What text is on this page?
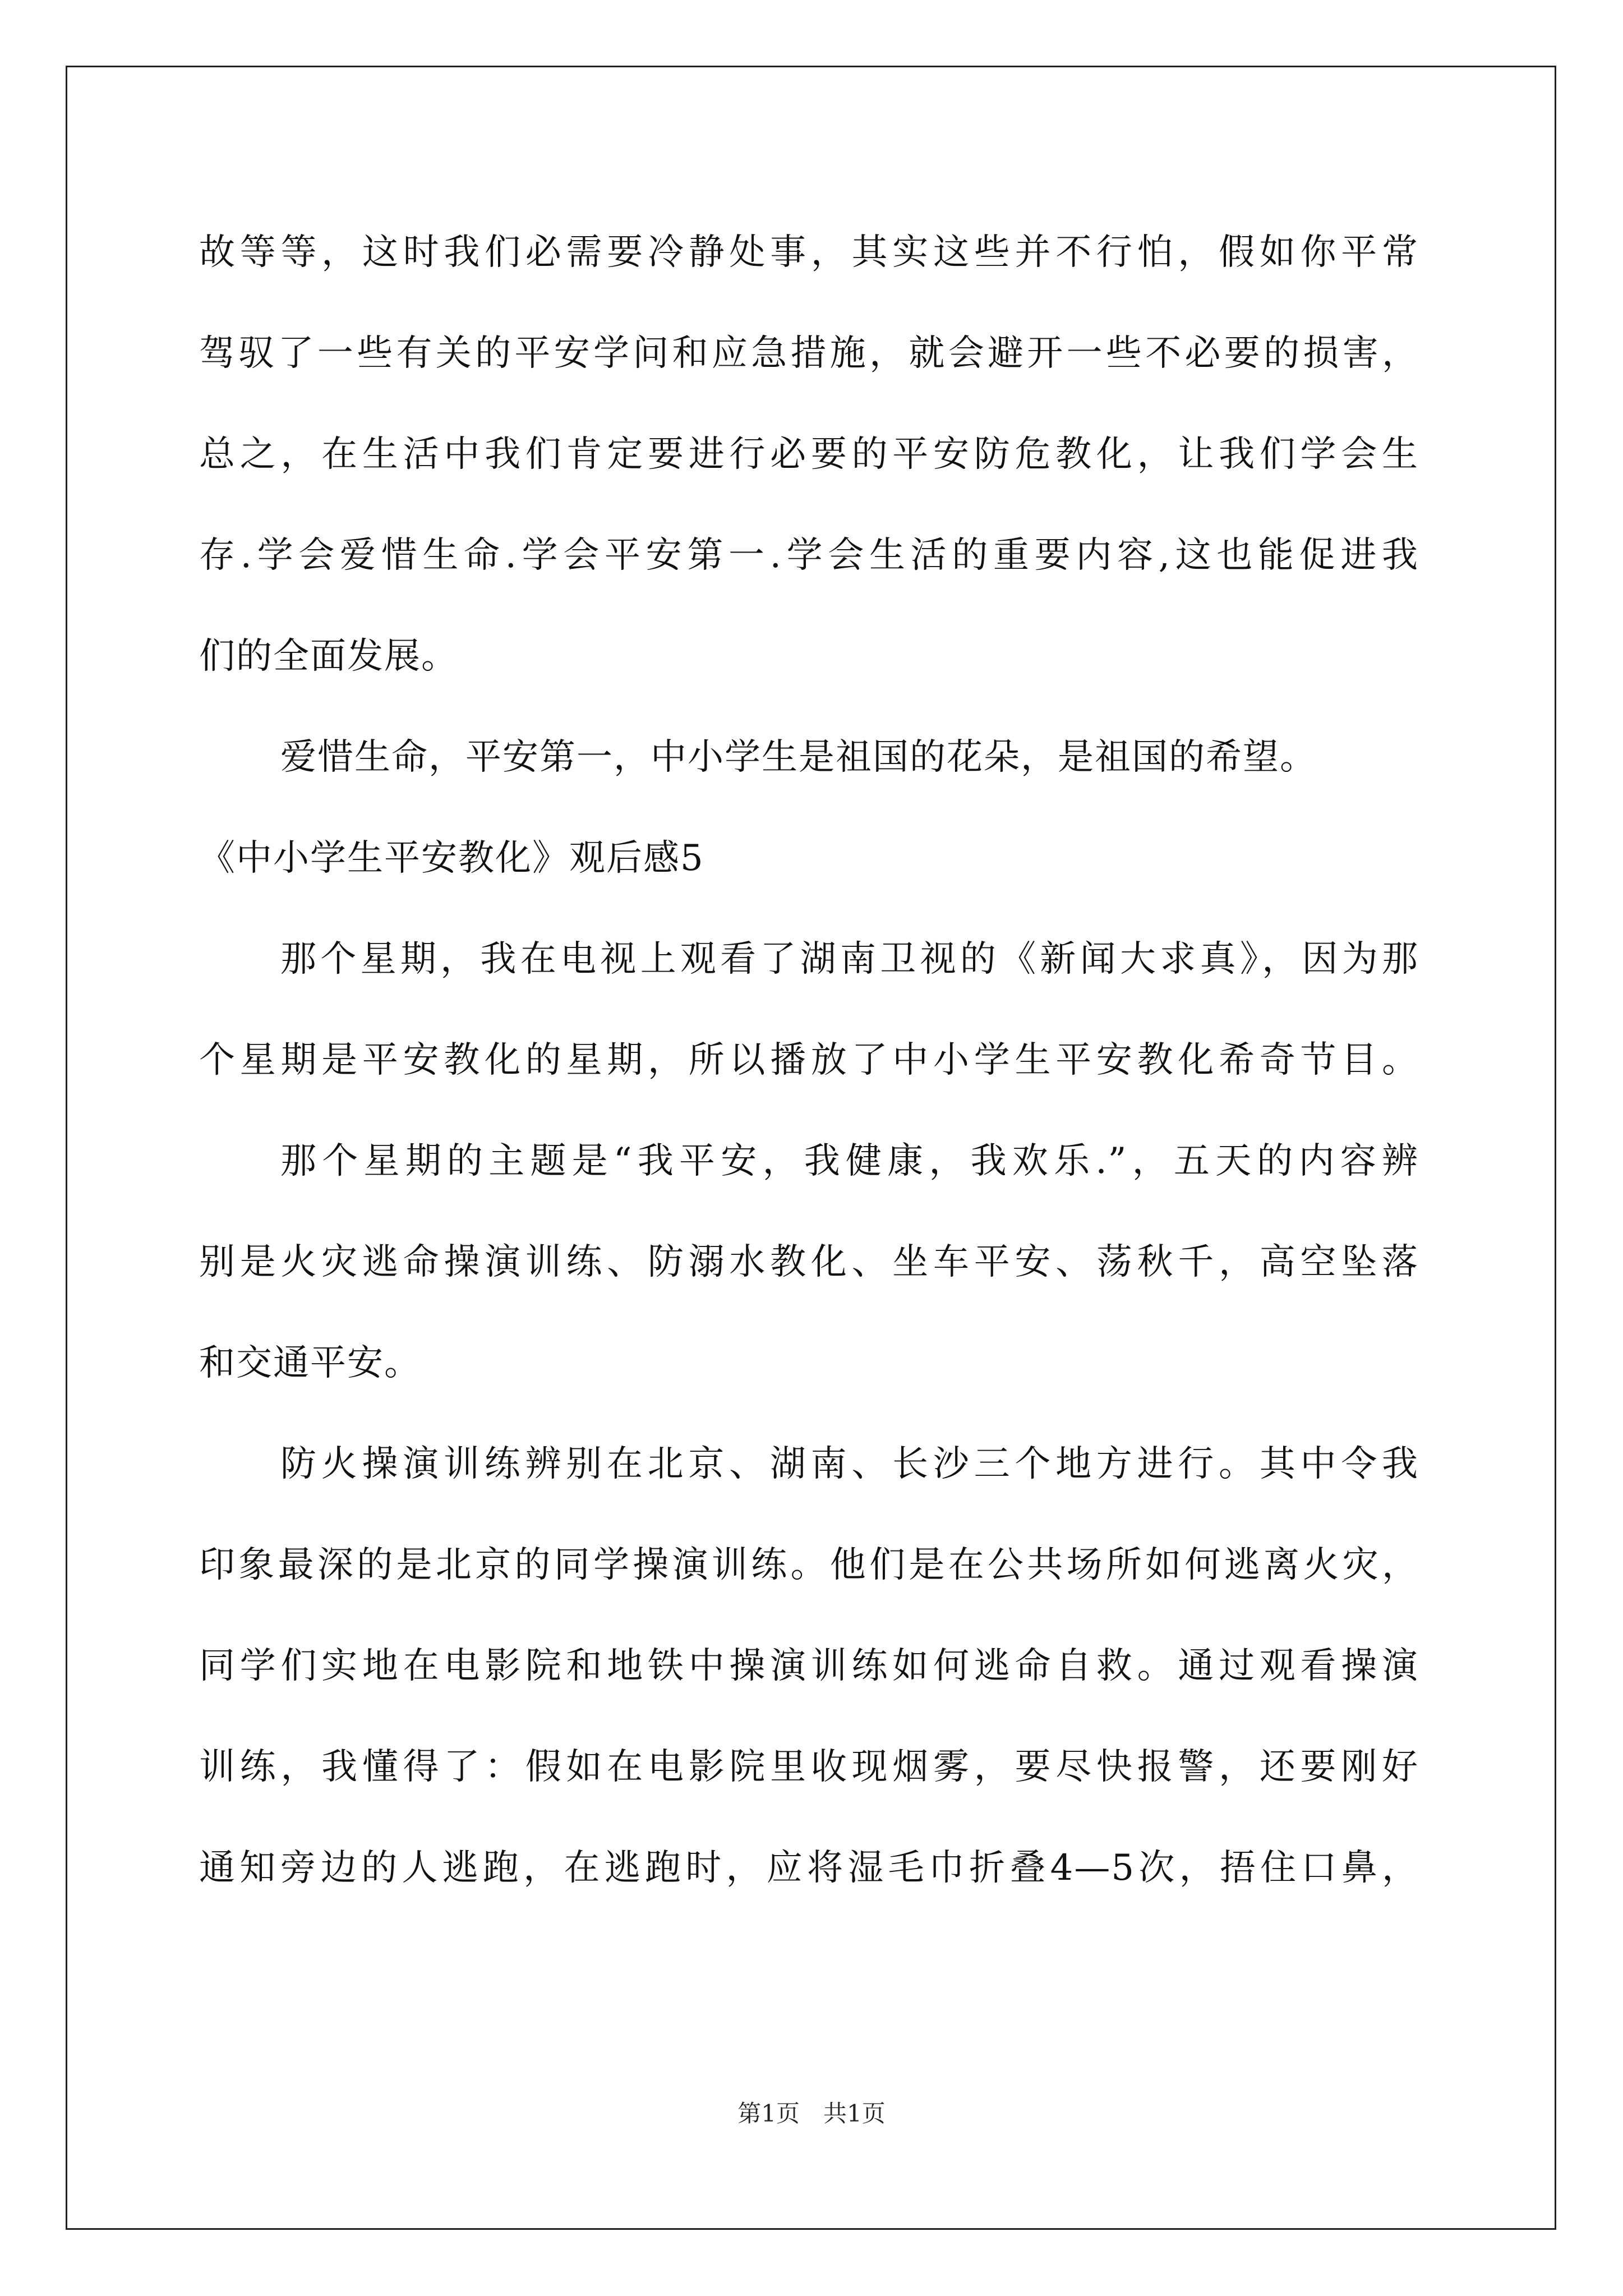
故等等，这时我们必需要冷静处事，其实这些并不行怕，假如你平常
驾驭了一些有关的平安学问和应急措施，就会避开一些不必要的损害，
总之，在生活中我们肯定要进行必要的平安防危教化，让我们学会生
存.学会爱惜生命.学会平安第一.学会生活的重要内容,这也能促进我
们的全面发展。
爱惜生命，平安第一，中小学生是祖国的花朵，是祖国的希望。
《中小学生平安教化》观后感5
那个星期，我在电视上观看了湖南卫视的《新闻大求真》，因为那
个星期是平安教化的星期，所以播放了中小学生平安教化希奇节目。
那个星期的主题是“我平安，我健康，我欢乐.”，五天的内容辨
别是火灾逃命操演训练、防溺水教化、坐车平安、荡秋千，高空坠落
和交通平安。
防火操演训练辨别在北京、湖南、长沙三个地方进行。其中令我
印象最深的是北京的同学操演训练。他们是在公共场所如何逃离火灾，
同学们实地在电影院和地铁中操演训练如何逃命自救。通过观看操演
训练，我懂得了：假如在电影院里收现烟雾，要尽快报警，还要刚好
通知旁边的人逃跑，在逃跑时，应将湿毛巾折叠4—5次，捂住口鼻，
第1页　共1页
